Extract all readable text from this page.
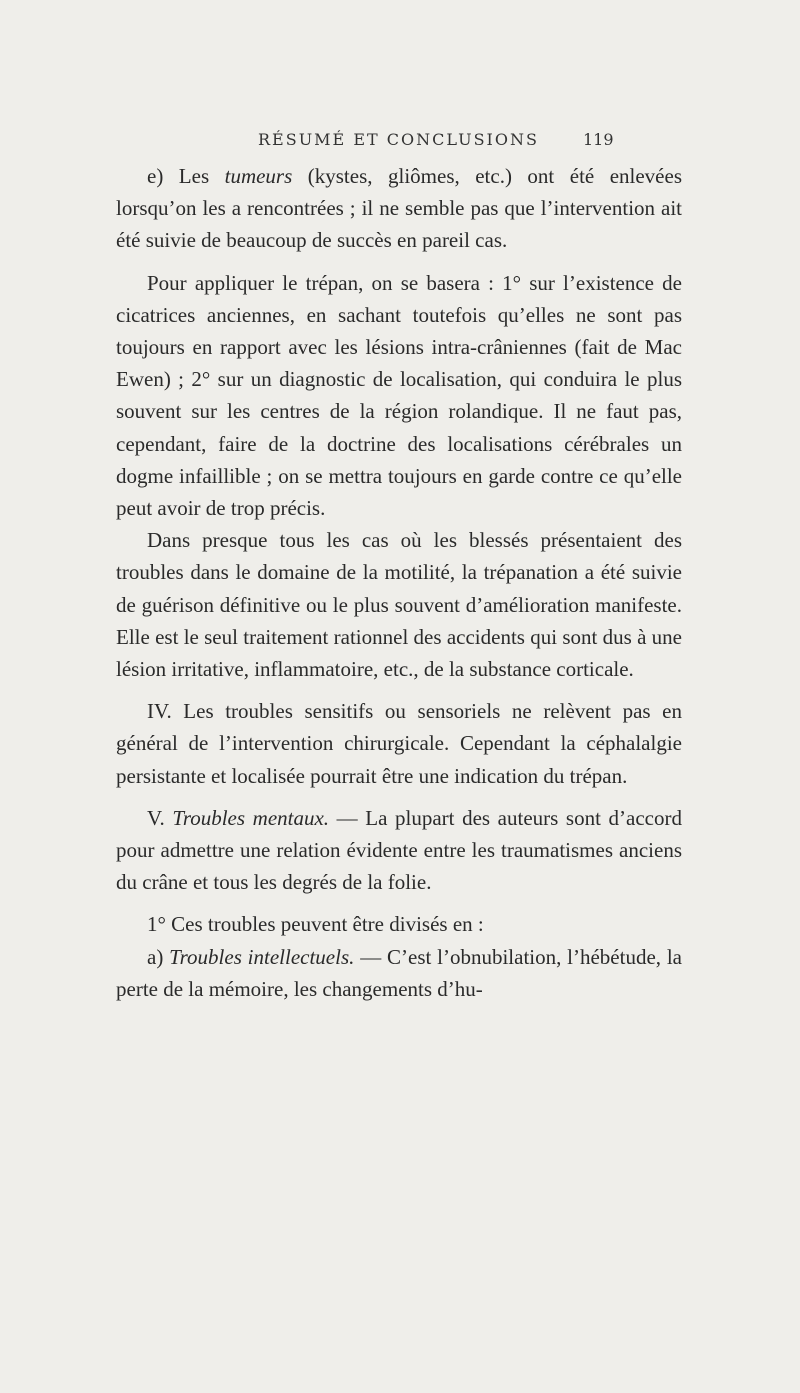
RÉSUMÉ ET CONCLUSIONS	119

e) Les tumeurs (kystes, gliômes, etc.) ont été enlevées lorsqu’on les a rencontrées ; il ne semble pas que l’intervention ait été suivie de beaucoup de succès en pareil cas.

Pour appliquer le trépan, on se basera : 1° sur l’existence de cicatrices anciennes, en sachant toutefois qu’elles ne sont pas toujours en rapport avec les lésions intra-crâniennes (fait de Mac Ewen) ; 2° sur un diagnostic de localisation, qui conduira le plus souvent sur les centres de la région rolandique. Il ne faut pas, cependant, faire de la doctrine des localisations cérébrales un dogme infaillible ; on se mettra toujours en garde contre ce qu’elle peut avoir de trop précis.

Dans presque tous les cas où les blessés présentaient des troubles dans le domaine de la motilité, la trépanation a été suivie de guérison définitive ou le plus souvent d’amélioration manifeste. Elle est le seul traitement rationnel des accidents qui sont dus à une lésion irritative, inflammatoire, etc., de la substance corticale.

IV. Les troubles sensitifs ou sensoriels ne relèvent pas en général de l’intervention chirurgicale. Cependant la céphalalgie persistante et localisée pourrait être une indication du trépan.

V. Troubles mentaux. — La plupart des auteurs sont d’accord pour admettre une relation évidente entre les traumatismes anciens du crâne et tous les degrés de la folie.

1° Ces troubles peuvent être divisés en :

a) Troubles intellectuels. — C’est l’obnubilation, l’hébétude, la perte de la mémoire, les changements d’hu-
